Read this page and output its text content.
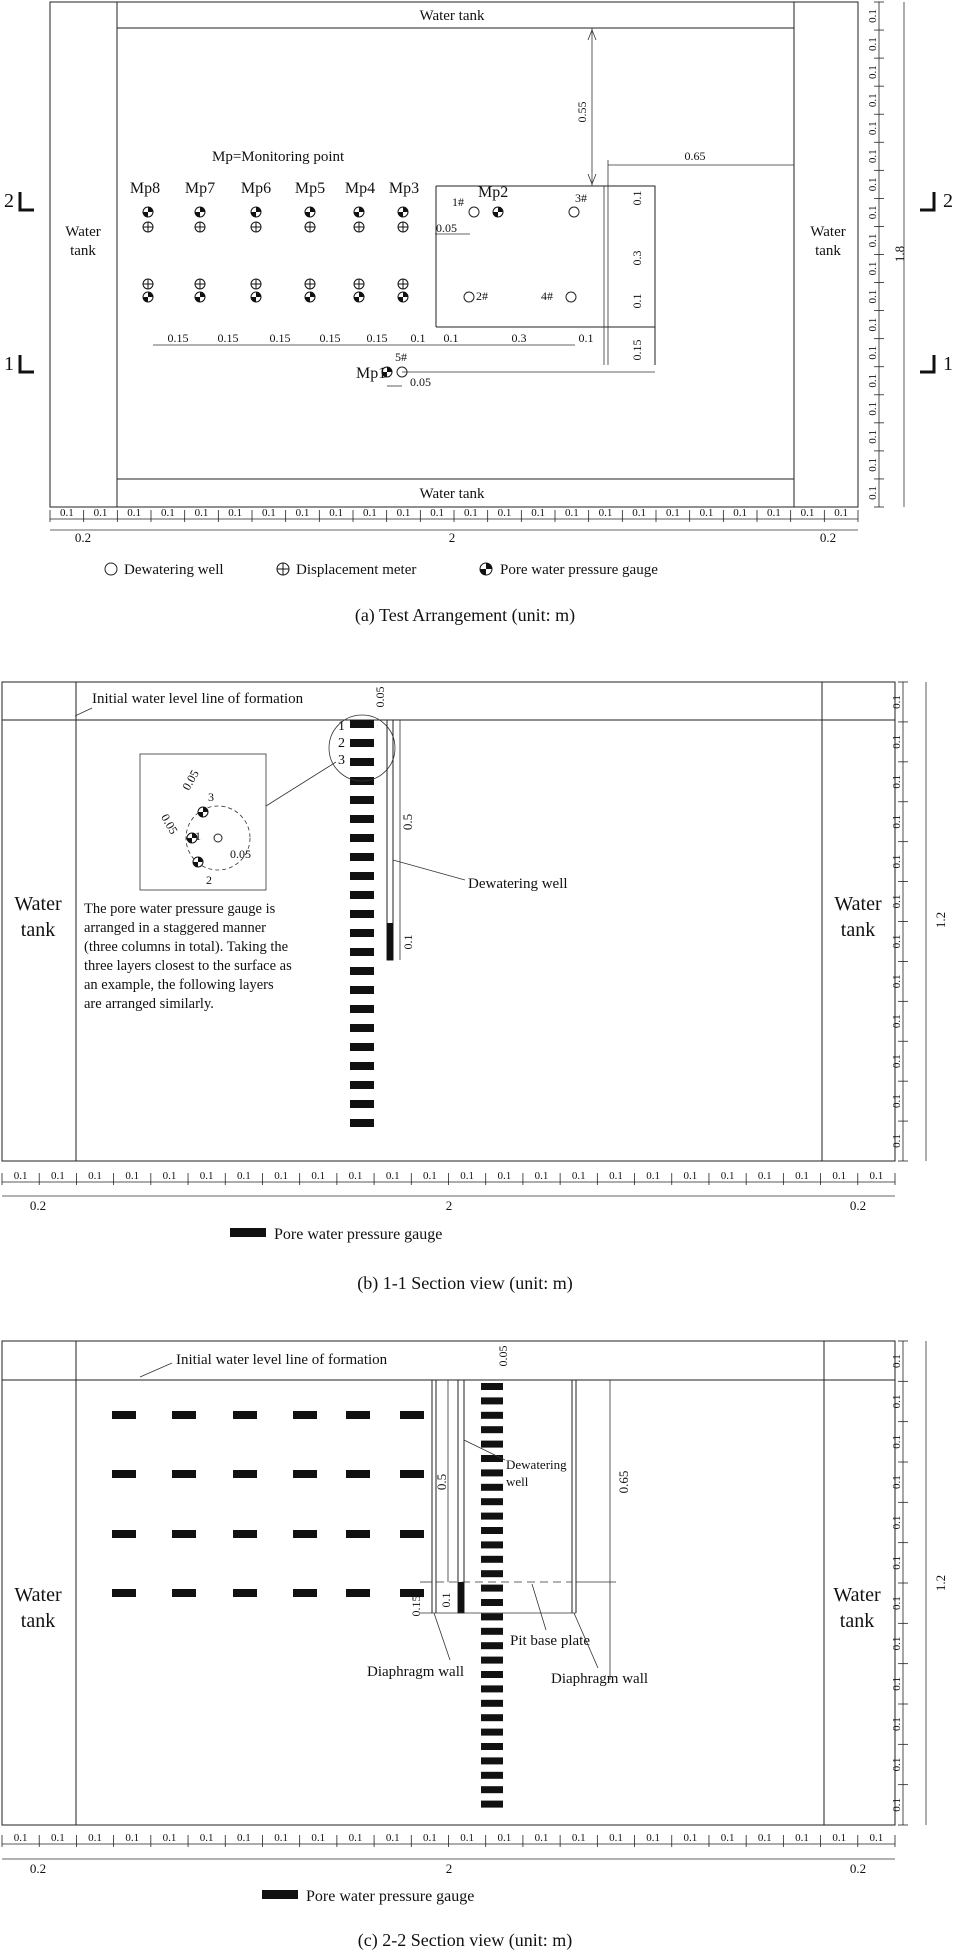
Water tank
Water tank
Water
tank
Water
tank
2
1
2
1
Mp=Monitoring point
Mp8 Mp7 Mp6 Mp5 Mp4 Mp3
1#
Mp2	3#
2#	4#
5#
Mp1
0.55
0.65
0.3
0.15
0.1
0.1
0.05
0.15 0.15	0.15 0.15 0.15 0.1 0.1	0.3	0.1
0.05
0.1
0.1
0.1
0.1
0.1
0.1
0.1
0.1
0.1
0.1
0.1
0.1
0.1
0.1
0.1
0.1
0.1
0.1
1.8
0.1 0.1 0.1 0.1 0.1 0.1 0.1 0.1 0.1 0.1 0.1 0.1 0.1 0.1 0.1 0.1 0.1 0.1 0.1 0.1 0.1 0.1 0.1 0.1
0.2	2	0.2
Dewatering well	Displacement meter	Pore water pressure gauge
(a) Test Arrangement (unit: m)
Initial water level line of formation
Water
tank
Water
tank
1
2
3
0.05
0.5
0.1
Dewatering well
3
1
2
0.05
0.05
0.05
The pore water pressure gauge is
arranged in a staggered manner
(three columns in total). Taking the
three layers closest to the surface as
an example, the following layers
are arranged similarly.
0.1
0.1
0.1
0.1
0.1
0.1
0.1
0.1
0.1
0.1
0.1
0.1
1.2
0.1 0.1 0.1 0.1 0.1 0.1 0.1 0.1 0.1 0.1 0.1 0.1 0.1 0.1 0.1 0.1 0.1 0.1 0.1 0.1 0.1 0.1 0.1 0.1
0.2	2	0.2
Pore water pressure gauge
(b) 1-1 Section view (unit: m)
Initial water level line of formation
Water
tank
Water
tank
0.05
0.5	0.65
0.1
0.15
Dewatering
well
Pit base plate
Diaphragm wall	Diaphragm wall
0.1
0.1
0.1
0.1
0.1
0.1
0.1
0.1
0.1
0.1
0.1
0.1
1.2
0.1 0.1 0.1 0.1 0.1 0.1 0.1 0.1 0.1 0.1 0.1 0.1 0.1 0.1 0.1 0.1 0.1 0.1 0.1 0.1 0.1 0.1 0.1 0.1
0.2	2	0.2
Pore water pressure gauge
(c) 2-2 Section view (unit: m)
